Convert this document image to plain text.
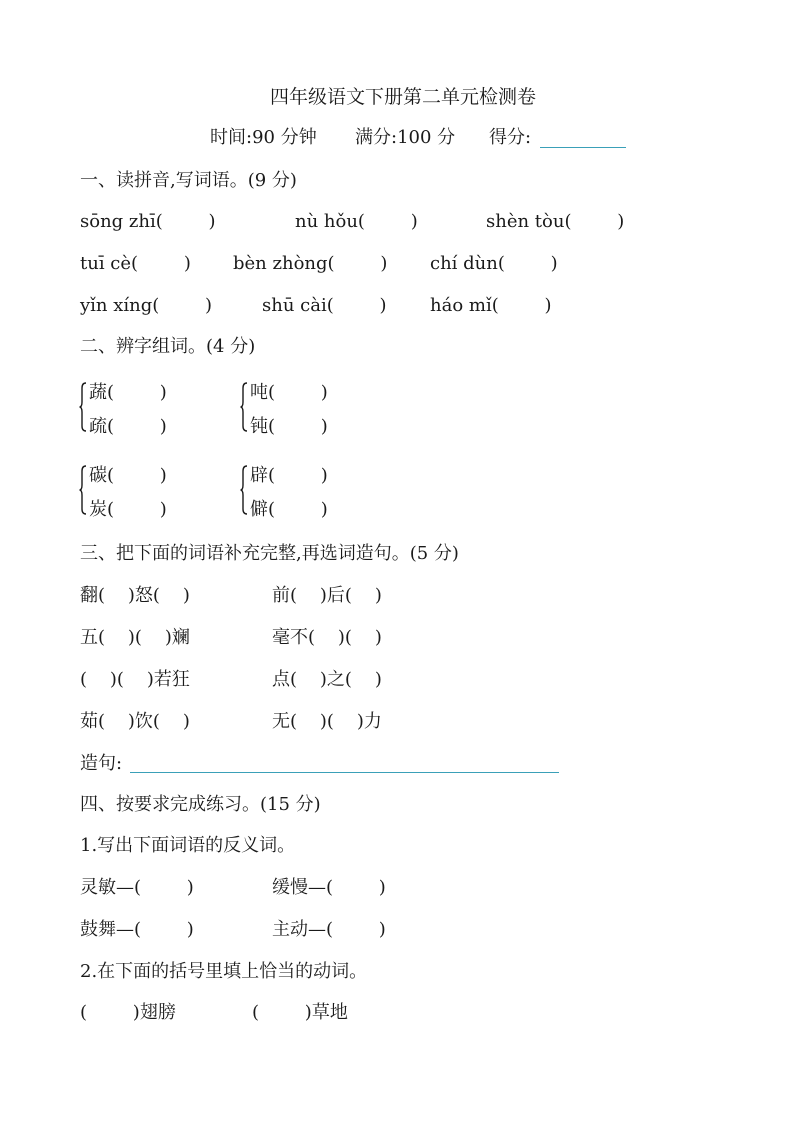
四年级语文下册第二单元检测卷
时间:90 分钟 满分:100 分 得分:
一、读拼音,写词语。(9 分)
sōng zhī(        )	nù hǒu(        )	shèn tòu(        )
tuī cè(        ) bèn zhòng(        ) chí dùn(        )
yǐn xíng(        )	shū cài(        ) háo mǐ(        )
二、辨字组词。(4 分)
蔬(        )
疏(        )
吨(        )
钝(        )
碳(        )
炭(        )
辟(        )
僻(        )
三、把下面的词语补充完整,再选词造句。(5 分)
翻(    )怒(    )	前(    )后(    )
五(    )(    )斓	毫不(    )(    )
(    )(    )若狂	点(    )之(    )
茹(    )饮(    )	无(    )(    )力
造句:
四、按要求完成练习。(15 分)
1.写出下面词语的反义词。
灵敏—(        )	缓慢—(        )
鼓舞—(        )	主动—(        )
2.在下面的括号里填上恰当的动词。
(        )翅膀	(        )草地
